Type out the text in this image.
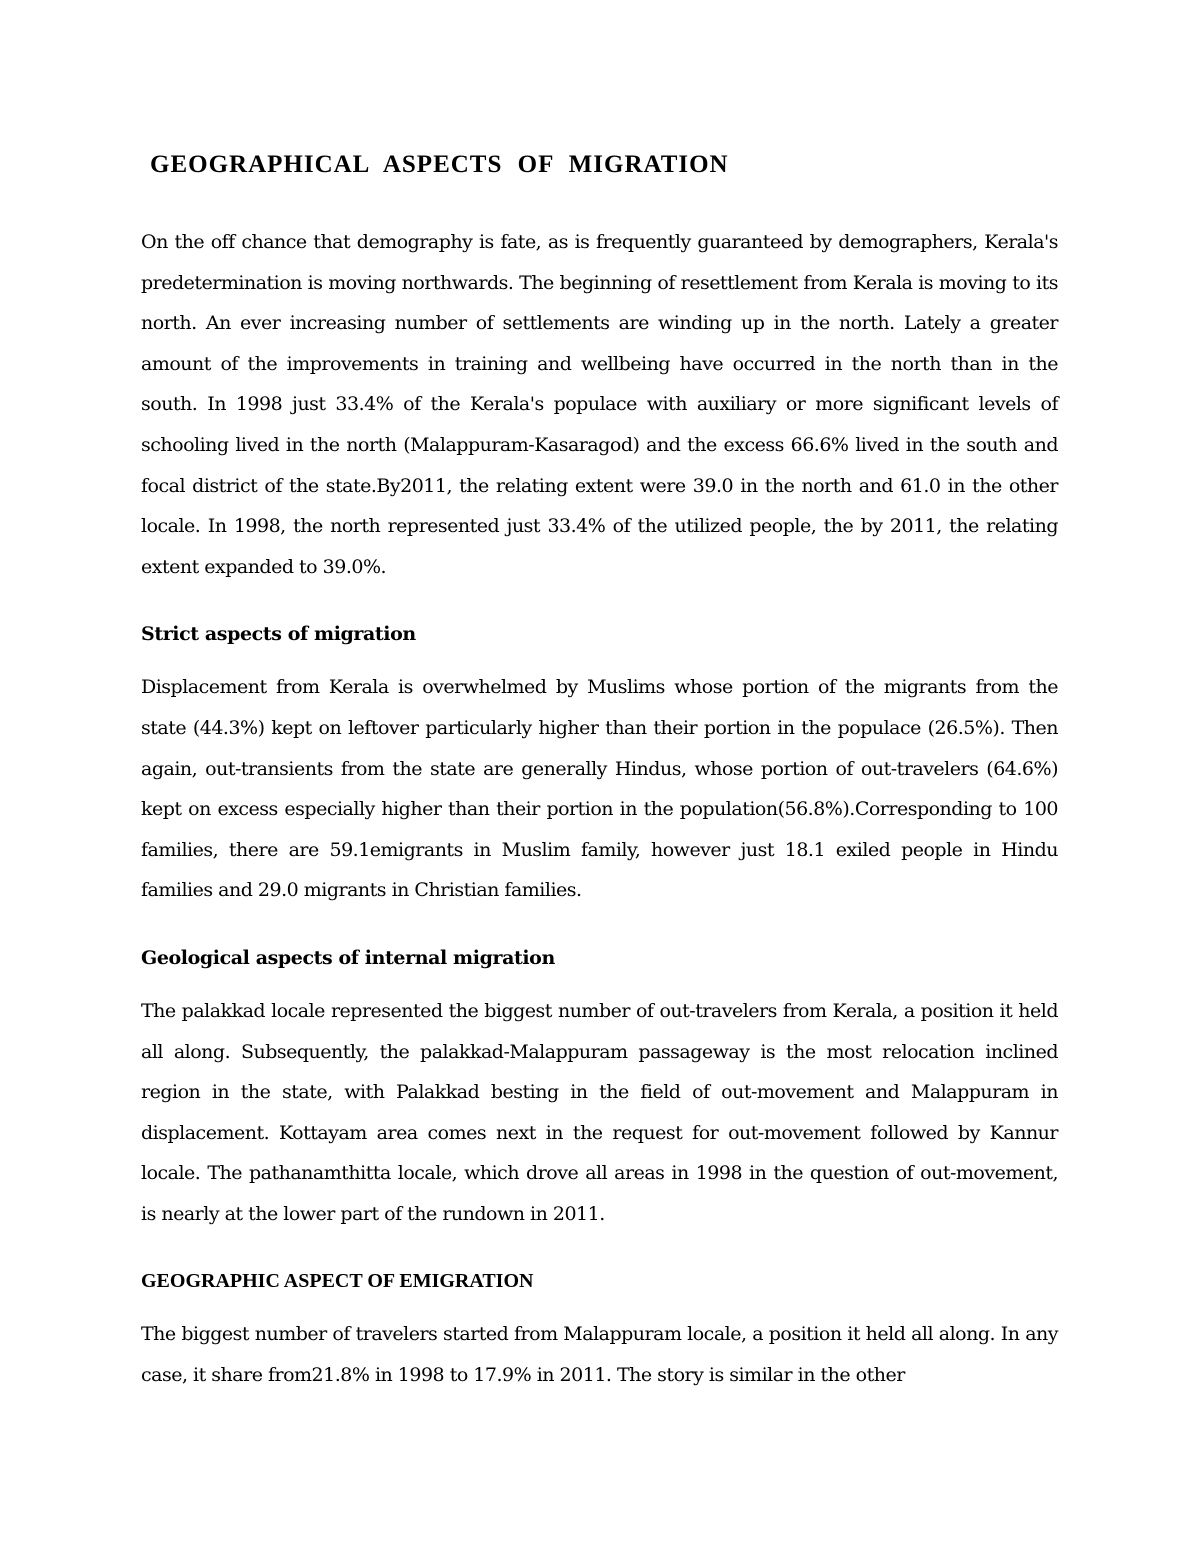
GEOGRAPHICAL ASPECTS OF MIGRATION

On the off chance that demography is fate, as is frequently guaranteed by demographers, Kerala's predetermination is moving northwards. The beginning of resettlement from Kerala is moving to its north. An ever increasing number of settlements are winding up in the north. Lately a greater amount of the improvements in training and wellbeing have occurred in the north than in the south. In 1998 just 33.4% of the Kerala's populace with auxiliary or more significant levels of schooling lived in the north (Malappuram-Kasaragod) and the excess 66.6% lived in the south and focal district of the state.By2011, the relating extent were 39.0 in the north and 61.0 in the other locale. In 1998, the north represented just 33.4% of the utilized people, the by 2011, the relating extent expanded to 39.0%.

Strict aspects of migration

Displacement from Kerala is overwhelmed by Muslims whose portion of the migrants from the state (44.3%) kept on leftover particularly higher than their portion in the populace (26.5%). Then again, out-transients from the state are generally Hindus, whose portion of out-travelers (64.6%) kept on excess especially higher than their portion in the population(56.8%).Corresponding to 100 families, there are 59.1emigrants in Muslim family, however just 18.1 exiled people in Hindu families and 29.0 migrants in Christian families.

Geological aspects of internal migration

The palakkad locale represented the biggest number of out-travelers from Kerala, a position it held all along. Subsequently, the palakkad-Malappuram passageway is the most relocation inclined region in the state, with Palakkad besting in the field of out-movement and Malappuram in displacement. Kottayam area comes next in the request for out-movement followed by Kannur locale. The pathanamthitta locale, which drove all areas in 1998 in the question of out-movement, is nearly at the lower part of the rundown in 2011.

GEOGRAPHIC ASPECT OF EMIGRATION

The biggest number of travelers started from Malappuram locale, a position it held all along. In any case, it share from21.8% in 1998 to 17.9% in 2011. The story is similar in the other
